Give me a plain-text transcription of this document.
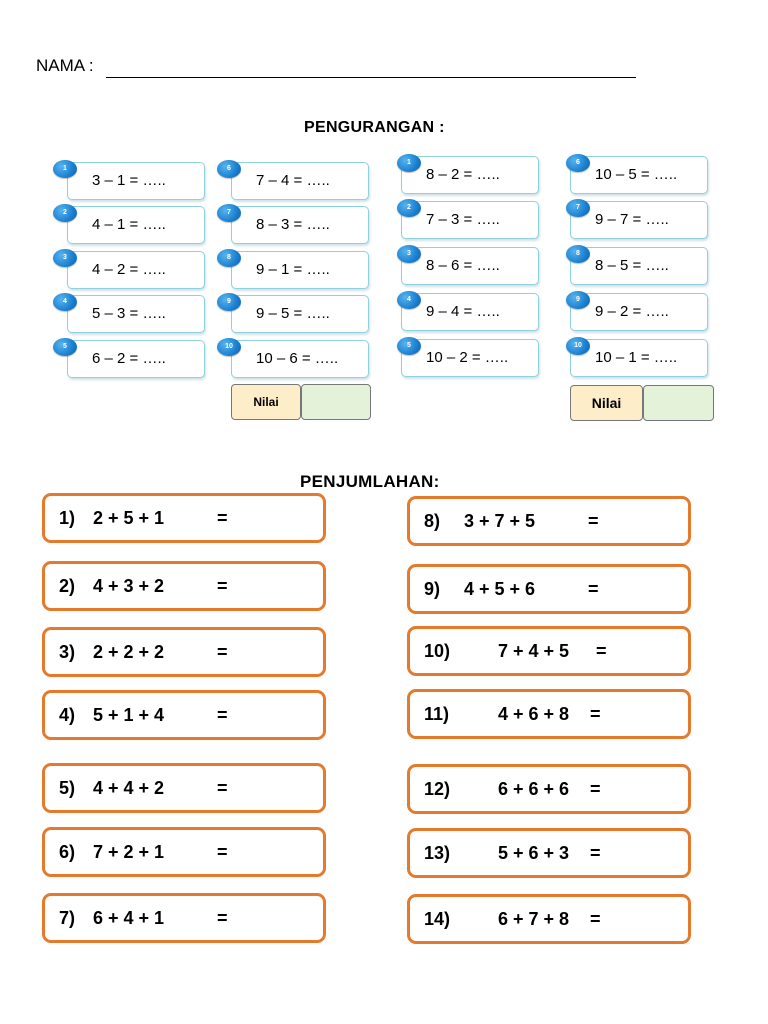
NAMA :
PENGURANGAN :
PENJUMLAHAN:
3 – 1 = …..
1
4 – 1 = …..
2
4 – 2 = …..
3
5 – 3 = …..
4
6 – 2 = …..
5
7 – 4 = …..
6
8 – 3 = …..
7
9 – 1 = …..
8
9 – 5 = …..
9
10 – 6 = …..
10
Nilai
8 – 2 = …..
1
7 – 3 = …..
2
8 – 6 = …..
3
9 – 4 = …..
4
10 – 2 = …..
5
10 – 5 = …..
6
9 – 7 = …..
7
8 – 5 = …..
8
9 – 2 = …..
9
10 – 1 = …..
10
Nilai
1) 2 + 5 + 1	=
2) 4 + 3 + 2	=
3) 2 + 2 + 2	=
4) 5 + 1 + 4	=
5) 4 + 4 + 2	=
6) 7 + 2 + 1	=
7) 6 + 4 + 1	=
8) 3 + 7 + 5	=
9) 4 + 5 + 6	=
10)	7 + 4 + 5 =
11)	4 + 6 + 8 =
12)	6 + 6 + 6 =
13)	5 + 6 + 3 =
14)	6 + 7 + 8 =
